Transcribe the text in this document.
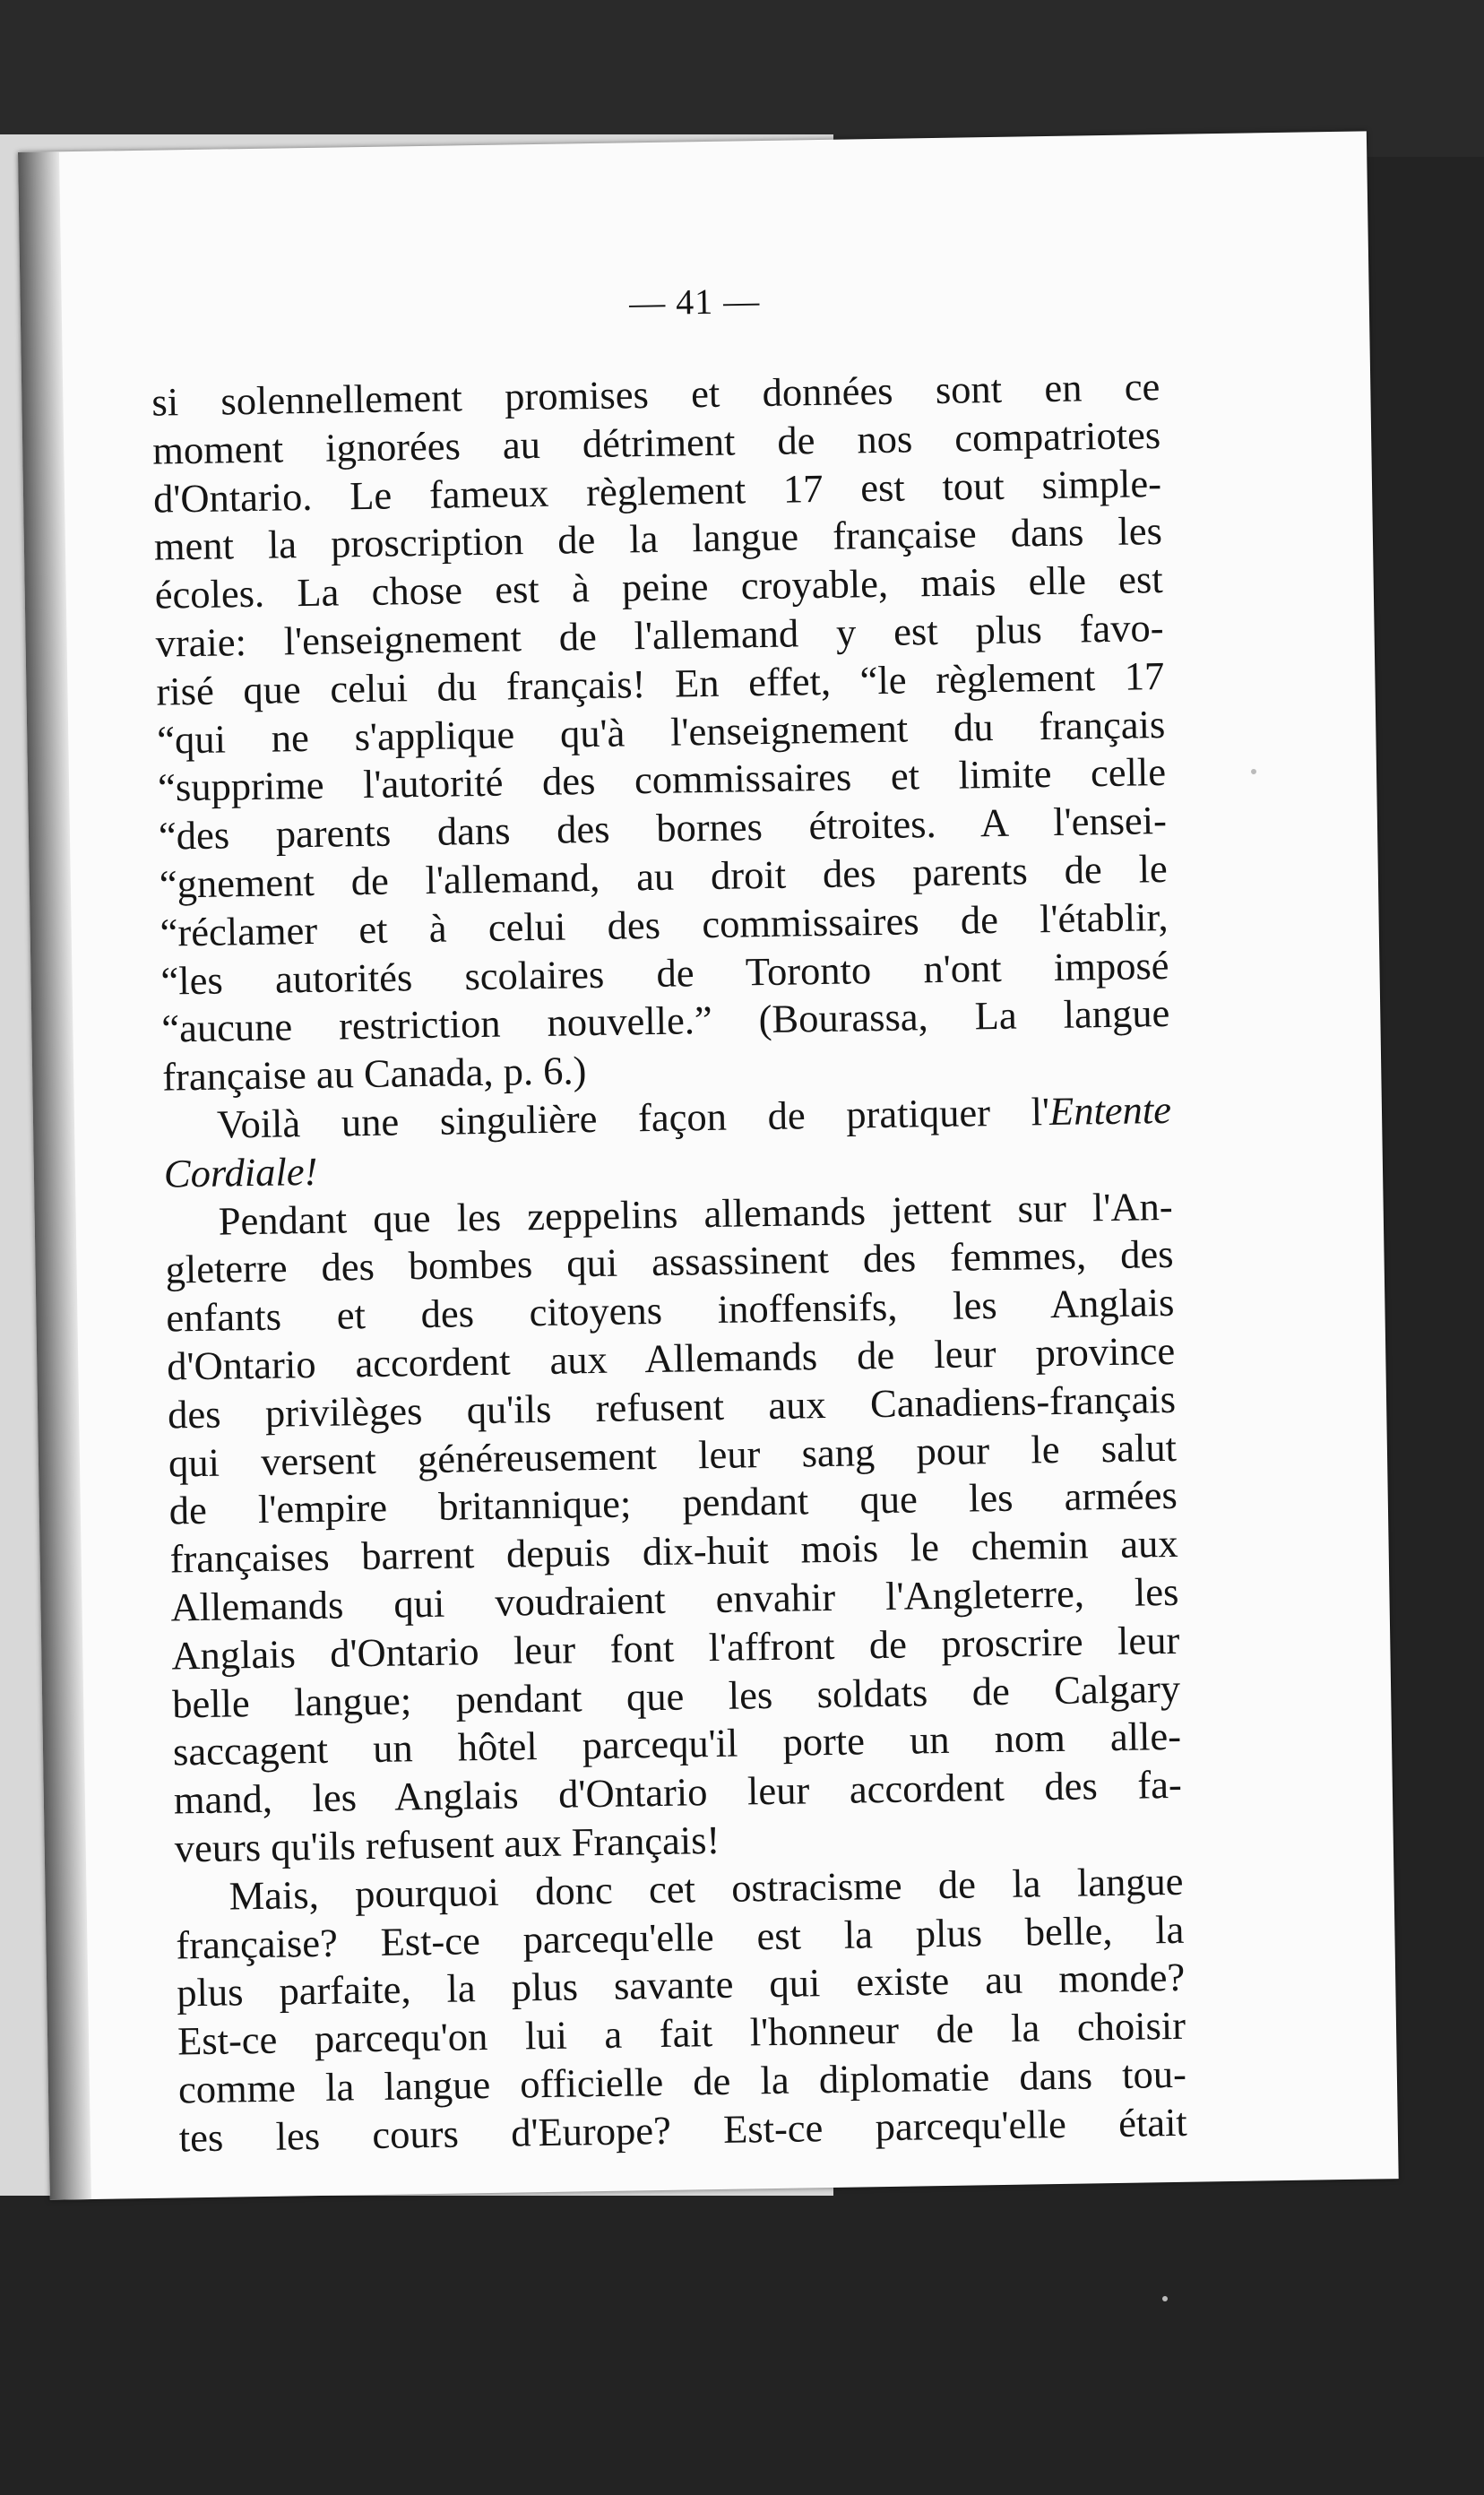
— 41 —
si solennellement promises et données sont en ce
moment ignorées au détriment de nos compatriotes
d'Ontario. Le fameux règlement 17 est tout simple-
ment la proscription de la langue française dans les
écoles. La chose est à peine croyable, mais elle est
vraie: l'enseignement de l'allemand y est plus favo-
risé que celui du français! En effet, “le règlement 17
“qui ne s'applique qu'à l'enseignement du français
“supprime l'autorité des commissaires et limite celle
“des parents dans des bornes étroites. A l'ensei-
“gnement de l'allemand, au droit des parents de le
“réclamer et à celui des commissaires de l'établir,
“les autorités scolaires de Toronto n'ont imposé
“aucune restriction nouvelle.” (Bourassa, La langue
française au Canada, p. 6.)
Voilà une singulière façon de pratiquer l'Entente
Cordiale!
Pendant que les zeppelins allemands jettent sur l'An-
gleterre des bombes qui assassinent des femmes, des
enfants et des citoyens inoffensifs, les Anglais
d'Ontario accordent aux Allemands de leur province
des privilèges qu'ils refusent aux Canadiens-français
qui versent généreusement leur sang pour le salut
de l'empire britannique; pendant que les armées
françaises barrent depuis dix-huit mois le chemin aux
Allemands qui voudraient envahir l'Angleterre, les
Anglais d'Ontario leur font l'affront de proscrire leur
belle langue; pendant que les soldats de Calgary
saccagent un hôtel parcequ'il porte un nom alle-
mand, les Anglais d'Ontario leur accordent des fa-
veurs qu'ils refusent aux Français!
Mais, pourquoi donc cet ostracisme de la langue
française? Est-ce parcequ'elle est la plus belle, la
plus parfaite, la plus savante qui existe au monde?
Est-ce parcequ'on lui a fait l'honneur de la choisir
comme la langue officielle de la diplomatie dans tou-
tes les cours d'Europe? Est-ce parcequ'elle était
